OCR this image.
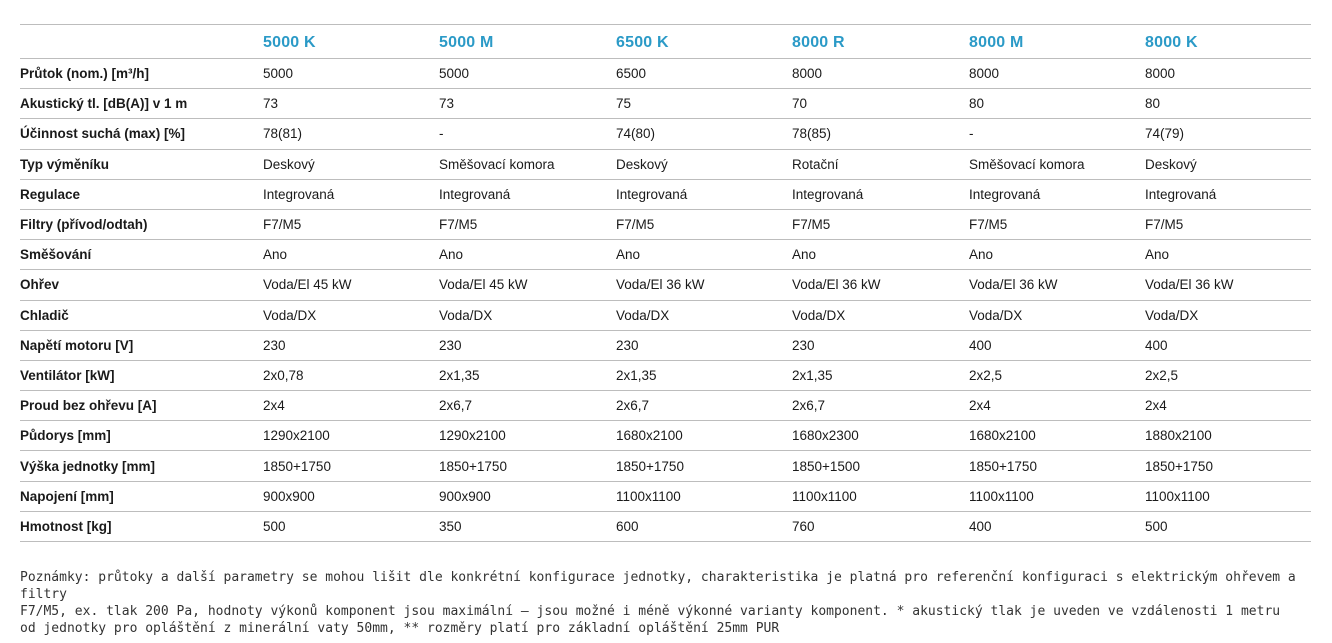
	5000 K	5000 M	6500 K	8000 R	8000 M	8000 K
Průtok (nom.) [m³/h]	5000	5000	6500	8000	8000	8000
Akustický tl. [dB(A)] v 1 m	73	73	75	70	80	80
Účinnost suchá (max) [%]	78(81)	-	74(80)	78(85)	-	74(79)
Typ výměníku	Deskový	Směšovací komora	Deskový	Rotační	Směšovací komora	Deskový
Regulace	Integrovaná	Integrovaná	Integrovaná	Integrovaná	Integrovaná	Integrovaná
Filtry (přívod/odtah)	F7/M5	F7/M5	F7/M5	F7/M5	F7/M5	F7/M5
Směšování	Ano	Ano	Ano	Ano	Ano	Ano
Ohřev	Voda/El 45 kW	Voda/El 45 kW	Voda/El 36 kW	Voda/El 36 kW	Voda/El 36 kW	Voda/El 36 kW
Chladič	Voda/DX	Voda/DX	Voda/DX	Voda/DX	Voda/DX	Voda/DX
Napětí motoru [V]	230	230	230	230	400	400
Ventilátor [kW]	2x0,78	2x1,35	2x1,35	2x1,35	2x2,5	2x2,5
Proud bez ohřevu [A]	2x4	2x6,7	2x6,7	2x6,7	2x4	2x4
Půdorys [mm]	1290x2100	1290x2100	1680x2100	1680x2300	1680x2100	1880x2100
Výška jednotky [mm]	1850+1750	1850+1750	1850+1750	1850+1500	1850+1750	1850+1750
Napojení [mm]	900x900	900x900	1100x1100	1100x1100	1100x1100	1100x1100
Hmotnost [kg]	500	350	600	760	400	500
Poznámky: průtoky a další parametry se mohou lišit dle konkrétní konfigurace jednotky, charakteristika je platná pro referenční konfiguraci s elektrickým ohřevem a filtry
F7/M5, ex. tlak 200 Pa, hodnoty výkonů komponent jsou maximální – jsou možné i méně výkonné varianty komponent. * akustický tlak je uveden ve vzdálenosti 1 metru
od jednotky pro opláštění z minerální vaty 50mm, ** rozměry platí pro základní opláštění 25mm PUR
